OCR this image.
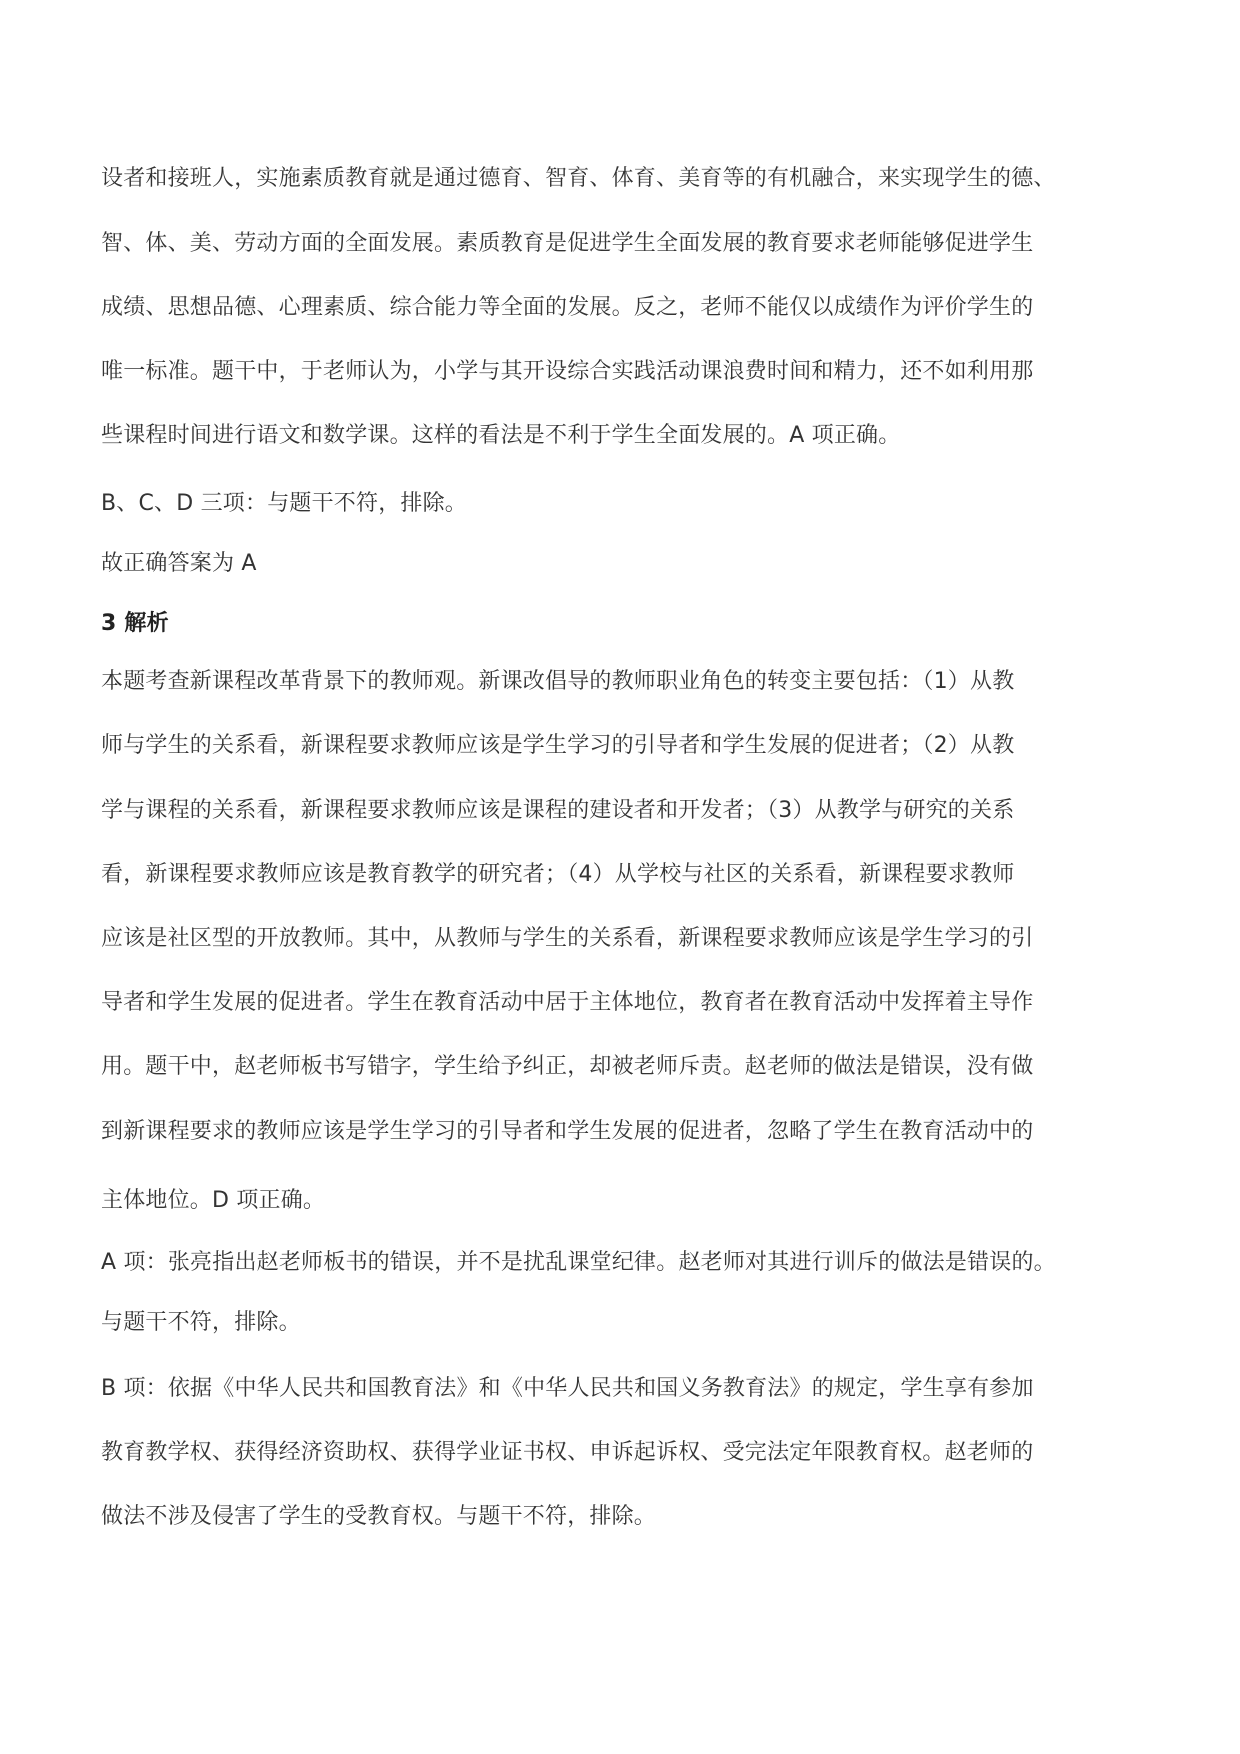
设者和接班人，实施素质教育就是通过德育、智育、体育、美育等的有机融合，来实现学生的德、
智、体、美、劳动方面的全面发展。素质教育是促进学生全面发展的教育要求老师能够促进学生
成绩、思想品德、心理素质、综合能力等全面的发展。反之，老师不能仅以成绩作为评价学生的
唯一标准。题干中，于老师认为，小学与其开设综合实践活动课浪费时间和精力，还不如利用那
些课程时间进行语文和数学课。这样的看法是不利于学生全面发展的。A 项正确。
B、C、D 三项：与题干不符，排除。
故正确答案为 A
3 解析
本题考查新课程改革背景下的教师观。新课改倡导的教师职业角色的转变主要包括：（1）从教
师与学生的关系看，新课程要求教师应该是学生学习的引导者和学生发展的促进者；（2）从教
学与课程的关系看，新课程要求教师应该是课程的建设者和开发者；（3）从教学与研究的关系
看，新课程要求教师应该是教育教学的研究者；（4）从学校与社区的关系看，新课程要求教师
应该是社区型的开放教师。其中，从教师与学生的关系看，新课程要求教师应该是学生学习的引
导者和学生发展的促进者。学生在教育活动中居于主体地位，教育者在教育活动中发挥着主导作
用。题干中，赵老师板书写错字，学生给予纠正，却被老师斥责。赵老师的做法是错误，没有做
到新课程要求的教师应该是学生学习的引导者和学生发展的促进者，忽略了学生在教育活动中的
主体地位。D 项正确。
A 项：张亮指出赵老师板书的错误，并不是扰乱课堂纪律。赵老师对其进行训斥的做法是错误的。
与题干不符，排除。
B 项：依据《中华人民共和国教育法》和《中华人民共和国义务教育法》的规定，学生享有参加
教育教学权、获得经济资助权、获得学业证书权、申诉起诉权、受完法定年限教育权。赵老师的
做法不涉及侵害了学生的受教育权。与题干不符，排除。
